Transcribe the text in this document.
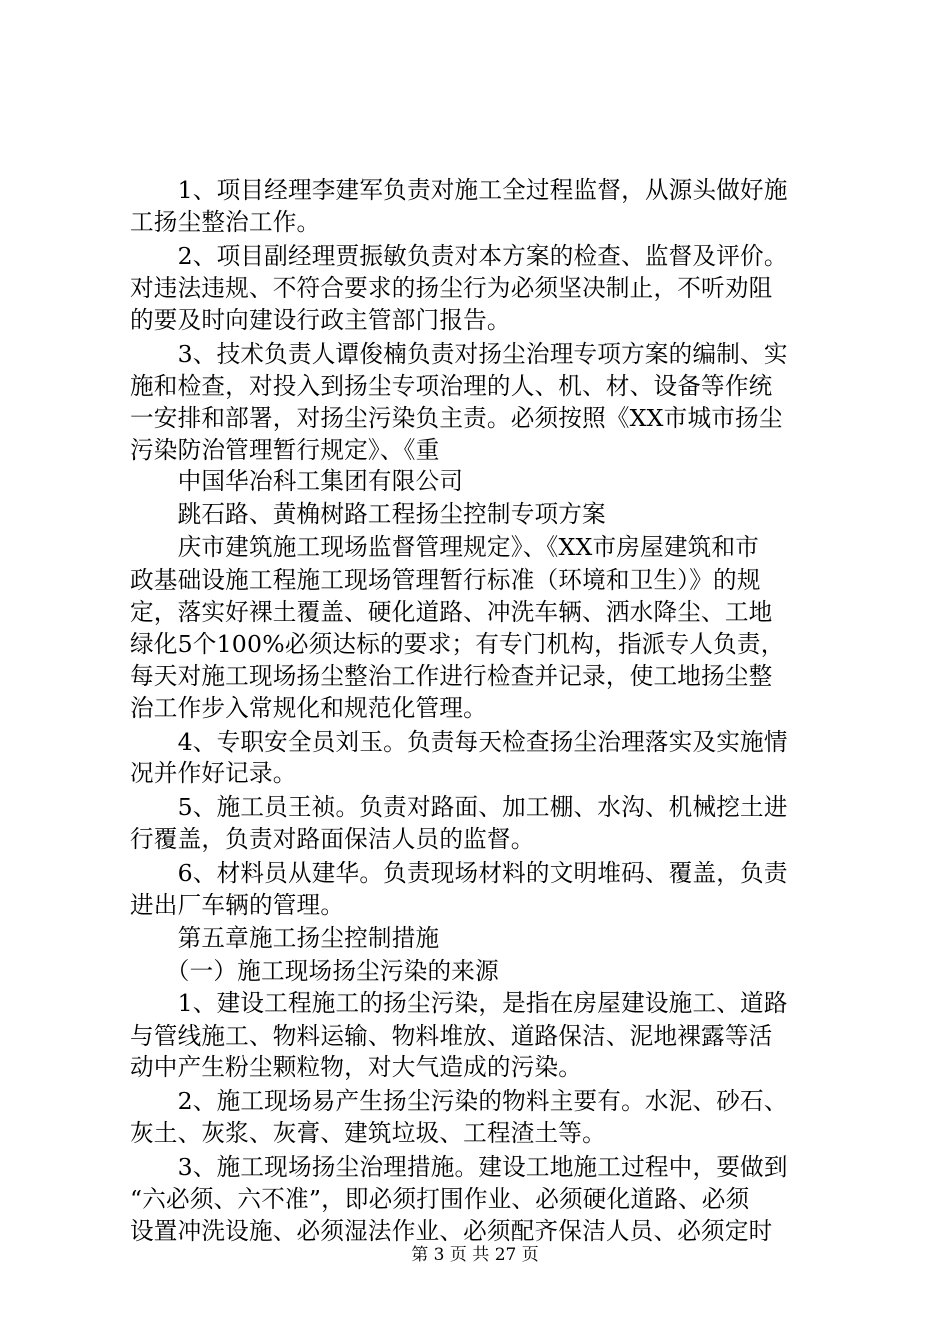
　　1、项目经理李建军负责对施工全过程监督，从源头做好施
工扬尘整治工作。
　　2、项目副经理贾振敏负责对本方案的检查、监督及评价。
对违法违规、不符合要求的扬尘行为必须坚决制止，不听劝阻
的要及时向建设行政主管部门报告。
　　3、技术负责人谭俊楠负责对扬尘治理专项方案的编制、实
施和检查，对投入到扬尘专项治理的人、机、材、设备等作统
一安排和部署，对扬尘污染负主责。必须按照《XX市城市扬尘
污染防治管理暂行规定》、《重
　　中国华冶科工集团有限公司
　　跳石路、黄桷树路工程扬尘控制专项方案
　　庆市建筑施工现场监督管理规定》、《XX市房屋建筑和市
政基础设施工程施工现场管理暂行标准（环境和卫生）》的规
定，落实好裸土覆盖、硬化道路、冲洗车辆、洒水降尘、工地
绿化5个100%必须达标的要求；有专门机构，指派专人负责，
每天对施工现场扬尘整治工作进行检查并记录，使工地扬尘整
治工作步入常规化和规范化管理。
　　4、专职安全员刘玉。负责每天检查扬尘治理落实及实施情
况并作好记录。
　　5、施工员王祯。负责对路面、加工棚、水沟、机械挖土进
行覆盖，负责对路面保洁人员的监督。
　　6、材料员从建华。负责现场材料的文明堆码、覆盖，负责
进出厂车辆的管理。
　　第五章施工扬尘控制措施
　　（一）施工现场扬尘污染的来源
　　1、建设工程施工的扬尘污染，是指在房屋建设施工、道路
与管线施工、物料运输、物料堆放、道路保洁、泥地裸露等活
动中产生粉尘颗粒物，对大气造成的污染。
　　2、施工现场易产生扬尘污染的物料主要有。水泥、砂石、
灰土、灰浆、灰膏、建筑垃圾、工程渣土等。
　　3、施工现场扬尘治理措施。建设工地施工过程中，要做到
“六必须、六不准”，即必须打围作业、必须硬化道路、必须
设置冲洗设施、必须湿法作业、必须配齐保洁人员、必须定时
第 3 页 共 27 页
